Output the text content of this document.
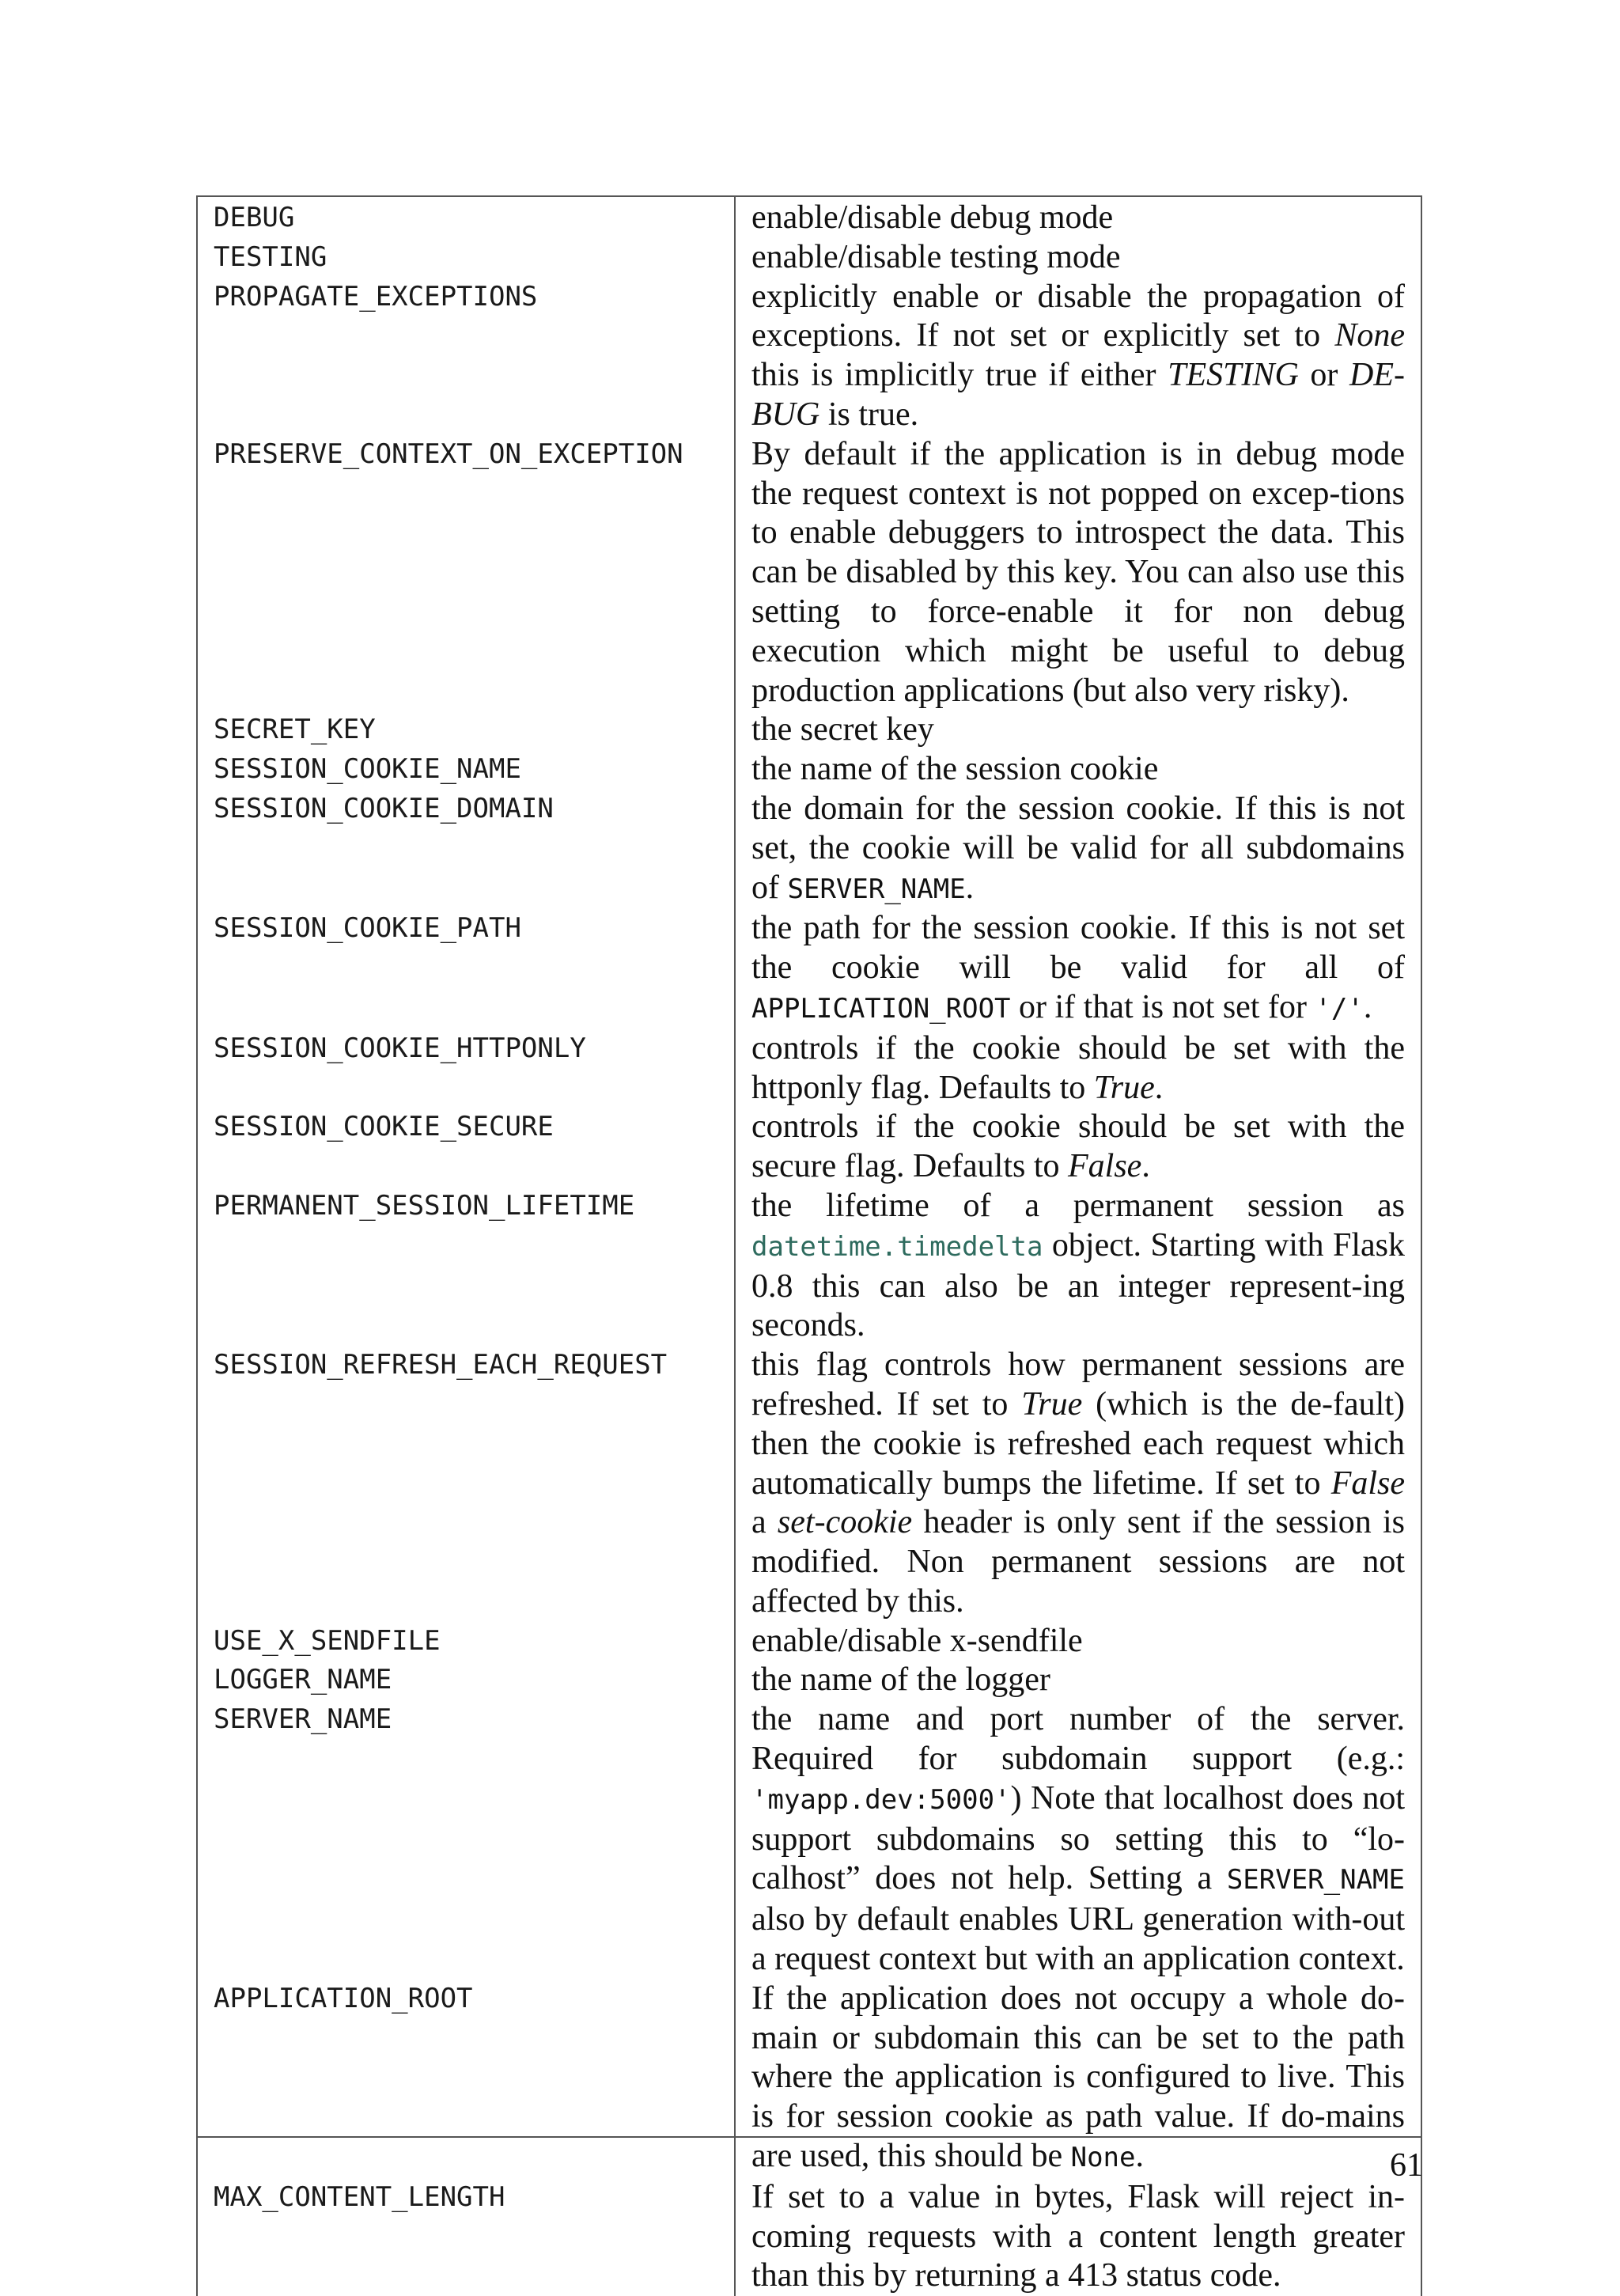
DEBUG	enable/disable debug mode
TESTING	enable/disable testing mode
PROPAGATE_EXCEPTIONS	explicitly enable or disable the propagation of exceptions. If not set or explicitly set to None this is implicitly true if either TESTING or DE-BUG is true.
PRESERVE_CONTEXT_ON_EXCEPTION	By default if the application is in debug mode the request context is not popped on excep-tions to enable debuggers to introspect the data. This can be disabled by this key. You can also use this setting to force-enable it for non debug execution which might be useful to debug production applications (but also very risky).
SECRET_KEY	the secret key
SESSION_COOKIE_NAME	the name of the session cookie
SESSION_COOKIE_DOMAIN	the domain for the session cookie. If this is not set, the cookie will be valid for all subdomains of SERVER_NAME.
SESSION_COOKIE_PATH	the path for the session cookie. If this is not set the cookie will be valid for all of APPLICATION_ROOT or if that is not set for '/'.
SESSION_COOKIE_HTTPONLY	controls if the cookie should be set with the httponly flag. Defaults to True.
SESSION_COOKIE_SECURE	controls if the cookie should be set with the secure flag. Defaults to False.
PERMANENT_SESSION_LIFETIME	the lifetime of a permanent session as datetime.timedelta object. Starting with Flask 0.8 this can also be an integer represent-ing seconds.
SESSION_REFRESH_EACH_REQUEST	this flag controls how permanent sessions are refreshed. If set to True (which is the de-fault) then the cookie is refreshed each request which automatically bumps the lifetime. If set to False a set-cookie header is only sent if the session is modified. Non permanent sessions are not affected by this.
USE_X_SENDFILE	enable/disable x-sendfile
LOGGER_NAME	the name of the logger
SERVER_NAME	the name and port number of the server. Required for subdomain support (e.g.: 'myapp.dev:5000') Note that localhost does not support subdomains so setting this to “lo-calhost” does not help. Setting a SERVER_NAME also by default enables URL generation with-out a request context but with an application context.
APPLICATION_ROOT	If the application does not occupy a whole do-main or subdomain this can be set to the path where the application is configured to live. This is for session cookie as path value. If do-mains are used, this should be None.
MAX_CONTENT_LENGTH	If set to a value in bytes, Flask will reject in-coming requests with a content length greater than this by returning a 413 status code.
61
